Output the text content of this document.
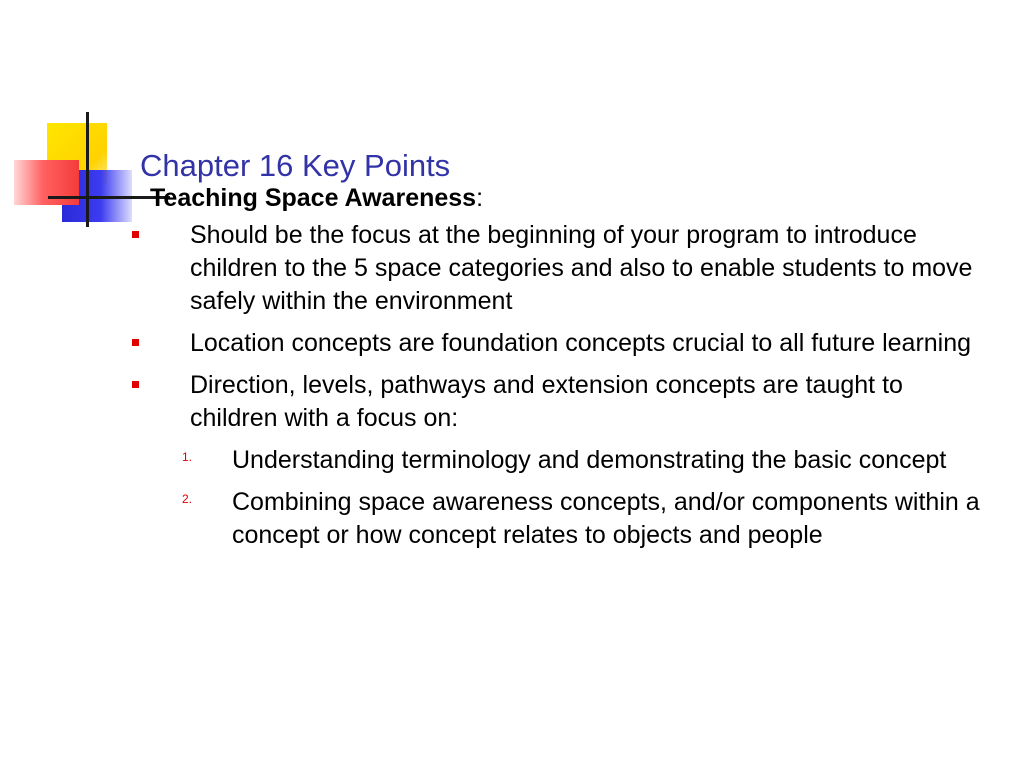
Chapter 16 Key Points

Teaching Space Awareness:

Should be the focus at the beginning of your program to introduce children to the 5 space categories and also to enable students to move safely within the environment
Location concepts are foundation concepts crucial to all future learning
Direction, levels, pathways and extension concepts are taught to children with a focus on:
1. Understanding terminology and demonstrating the basic concept
2. Combining space awareness concepts, and/or components within a concept or how concept relates to objects and people
